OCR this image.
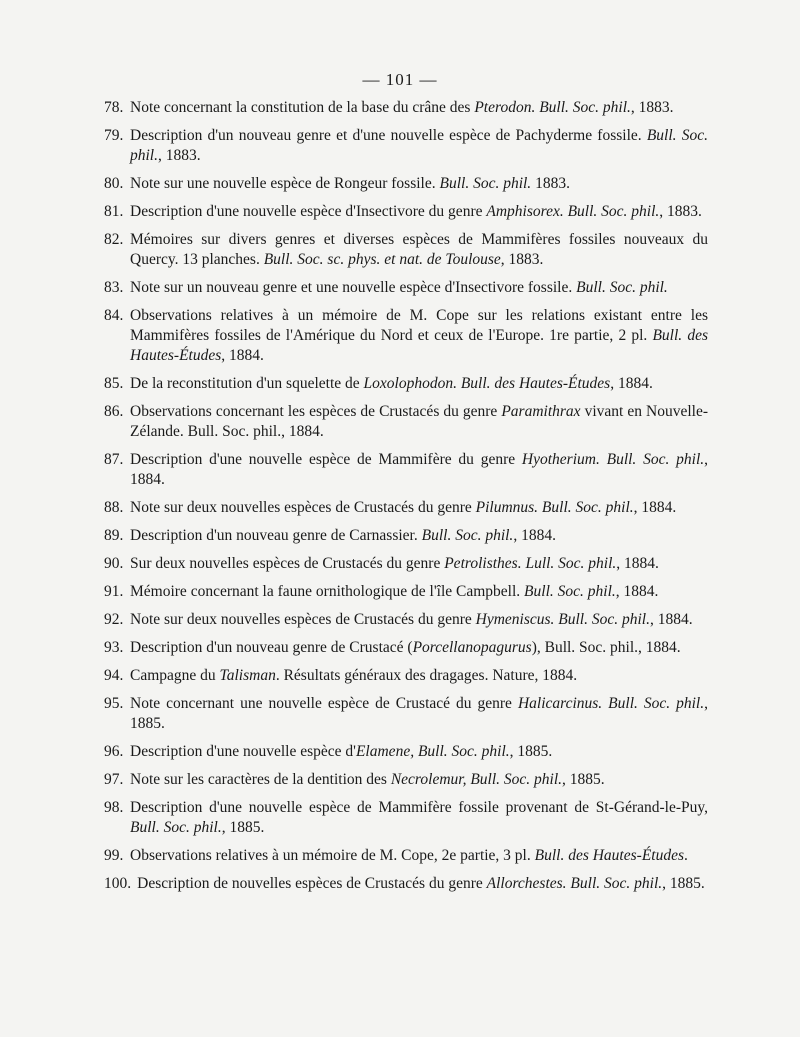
— 101 —
78. Note concernant la constitution de la base du crâne des Pterodon. Bull. Soc. phil., 1883.
79. Description d'un nouveau genre et d'une nouvelle espèce de Pachyderme fossile. Bull. Soc. phil., 1883.
80. Note sur une nouvelle espèce de Rongeur fossile. Bull. Soc. phil. 1883.
81. Description d'une nouvelle espèce d'Insectivore du genre Amphisorex. Bull. Soc. phil., 1883.
82. Mémoires sur divers genres et diverses espèces de Mammifères fossiles nouveaux du Quercy. 13 planches. Bull. Soc. sc. phys. et nat. de Toulouse, 1883.
83. Note sur un nouveau genre et une nouvelle espèce d'Insectivore fossile. Bull. Soc. phil.
84. Observations relatives à un mémoire de M. Cope sur les relations existant entre les Mammifères fossiles de l'Amérique du Nord et ceux de l'Europe. 1re partie, 2 pl. Bull. des Hautes-Études, 1884.
85. De la reconstitution d'un squelette de Loxolophodon. Bull. des Hautes-Études, 1884.
86. Observations concernant les espèces de Crustacés du genre Paramithrax vivant en Nouvelle-Zélande. Bull. Soc. phil., 1884.
87. Description d'une nouvelle espèce de Mammifère du genre Hyotherium. Bull. Soc. phil., 1884.
88. Note sur deux nouvelles espèces de Crustacés du genre Pilumnus. Bull. Soc. phil., 1884.
89. Description d'un nouveau genre de Carnassier. Bull. Soc. phil., 1884.
90. Sur deux nouvelles espèces de Crustacés du genre Petrolisthes. Lull. Soc. phil., 1884.
91. Mémoire concernant la faune ornithologique de l'île Campbell. Bull. Soc. phil., 1884.
92. Note sur deux nouvelles espèces de Crustacés du genre Hymeniscus. Bull. Soc. phil., 1884.
93. Description d'un nouveau genre de Crustacé (Porcellanopagurus), Bull. Soc. phil., 1884.
94. Campagne du Talisman. Résultats généraux des dragages. Nature, 1884.
95. Note concernant une nouvelle espèce de Crustacé du genre Halicarcinus. Bull. Soc. phil., 1885.
96. Description d'une nouvelle espèce d'Elamene, Bull. Soc. phil., 1885.
97. Note sur les caractères de la dentition des Necrolemur, Bull. Soc. phil., 1885.
98. Description d'une nouvelle espèce de Mammifère fossile provenant de St-Gérand-le-Puy, Bull. Soc. phil., 1885.
99. Observations relatives à un mémoire de M. Cope, 2e partie, 3 pl. Bull. des Hautes-Études.
100. Description de nouvelles espèces de Crustacés du genre Allorchestes. Bull. Soc. phil., 1885.
